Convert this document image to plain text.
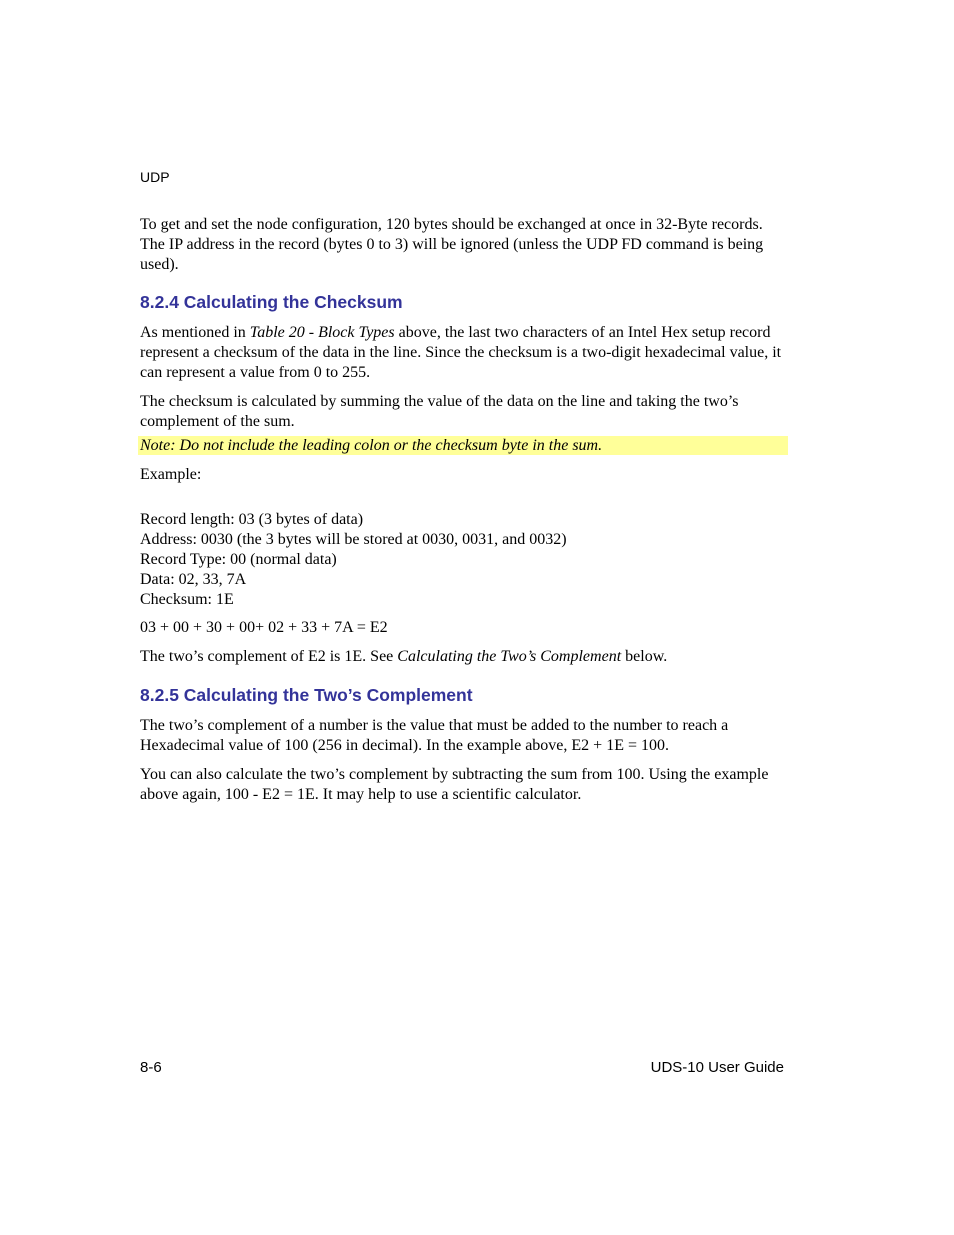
UDP

To get and set the node configuration, 120 bytes should be exchanged at once in 32-Byte records. The IP address in the record (bytes 0 to 3) will be ignored (unless the UDP FD command is being used).

8.2.4 Calculating the Checksum

As mentioned in Table 20 - Block Types above, the last two characters of an Intel Hex setup record represent a checksum of the data in the line. Since the checksum is a two-digit hexadecimal value, it can represent a value from 0 to 255.

The checksum is calculated by summing the value of the data on the line and taking the two’s complement of the sum.

Note: Do not include the leading colon or the checksum byte in the sum.

Example:

Record length: 03 (3 bytes of data)
Address: 0030 (the 3 bytes will be stored at 0030, 0031, and 0032)
Record Type: 00 (normal data)
Data: 02, 33, 7A
Checksum: 1E

03 + 00 + 30 + 00+ 02 + 33 + 7A = E2

The two’s complement of E2 is 1E. See Calculating the Two’s Complement below.

8.2.5 Calculating the Two’s Complement

The two’s complement of a number is the value that must be added to the number to reach a Hexadecimal value of 100 (256 in decimal). In the example above, E2 + 1E = 100.

You can also calculate the two’s complement by subtracting the sum from 100. Using the example above again, 100 - E2 = 1E. It may help to use a scientific calculator.

8-6	UDS-10 User Guide
